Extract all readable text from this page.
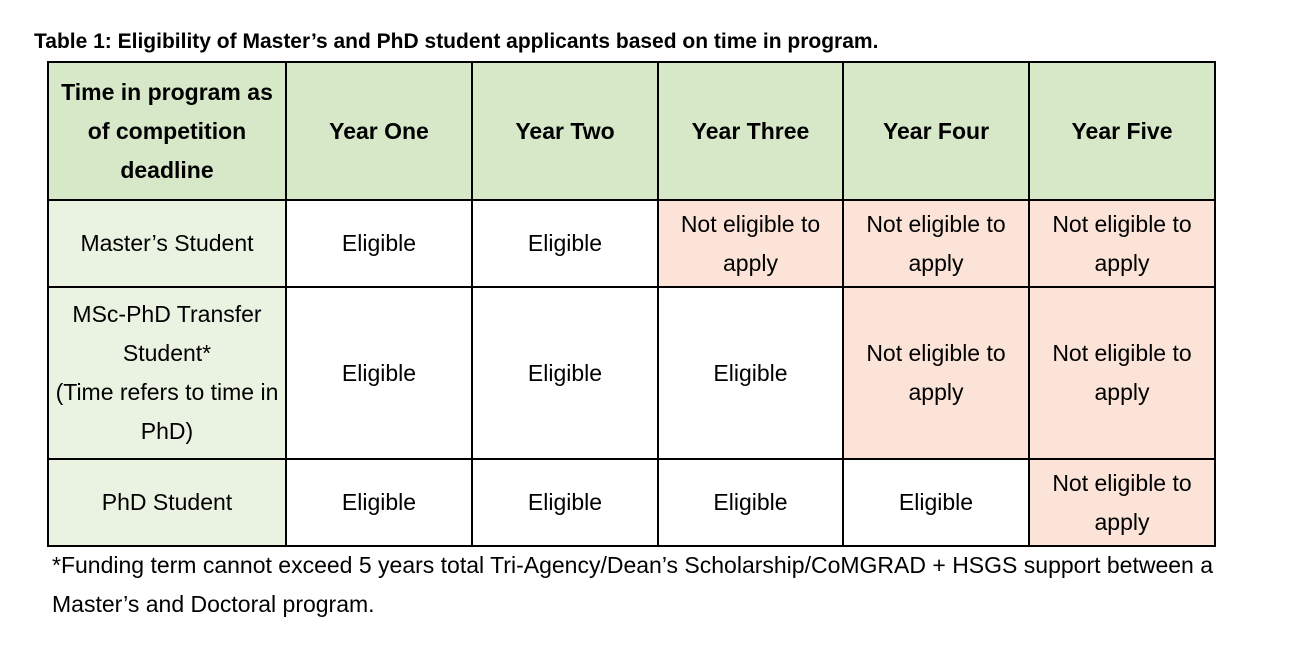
Table 1: Eligibility of Master’s and PhD student applicants based on time in program.
Time in program as of competition deadline	Year One	Year Two	Year Three	Year Four	Year Five

Master’s Student	Eligible	Eligible	Not eligible to apply	Not eligible to apply	Not eligible to apply

MSc-PhD Transfer Student*
(Time refers to time in PhD)	Eligible	Eligible	Eligible	Not eligible to apply	Not eligible to apply

PhD Student	Eligible	Eligible	Eligible	Eligible	Not eligible to apply
*Funding term cannot exceed 5 years total Tri-Agency/Dean’s Scholarship/CoMGRAD + HSGS support between a Master’s and Doctoral program.
